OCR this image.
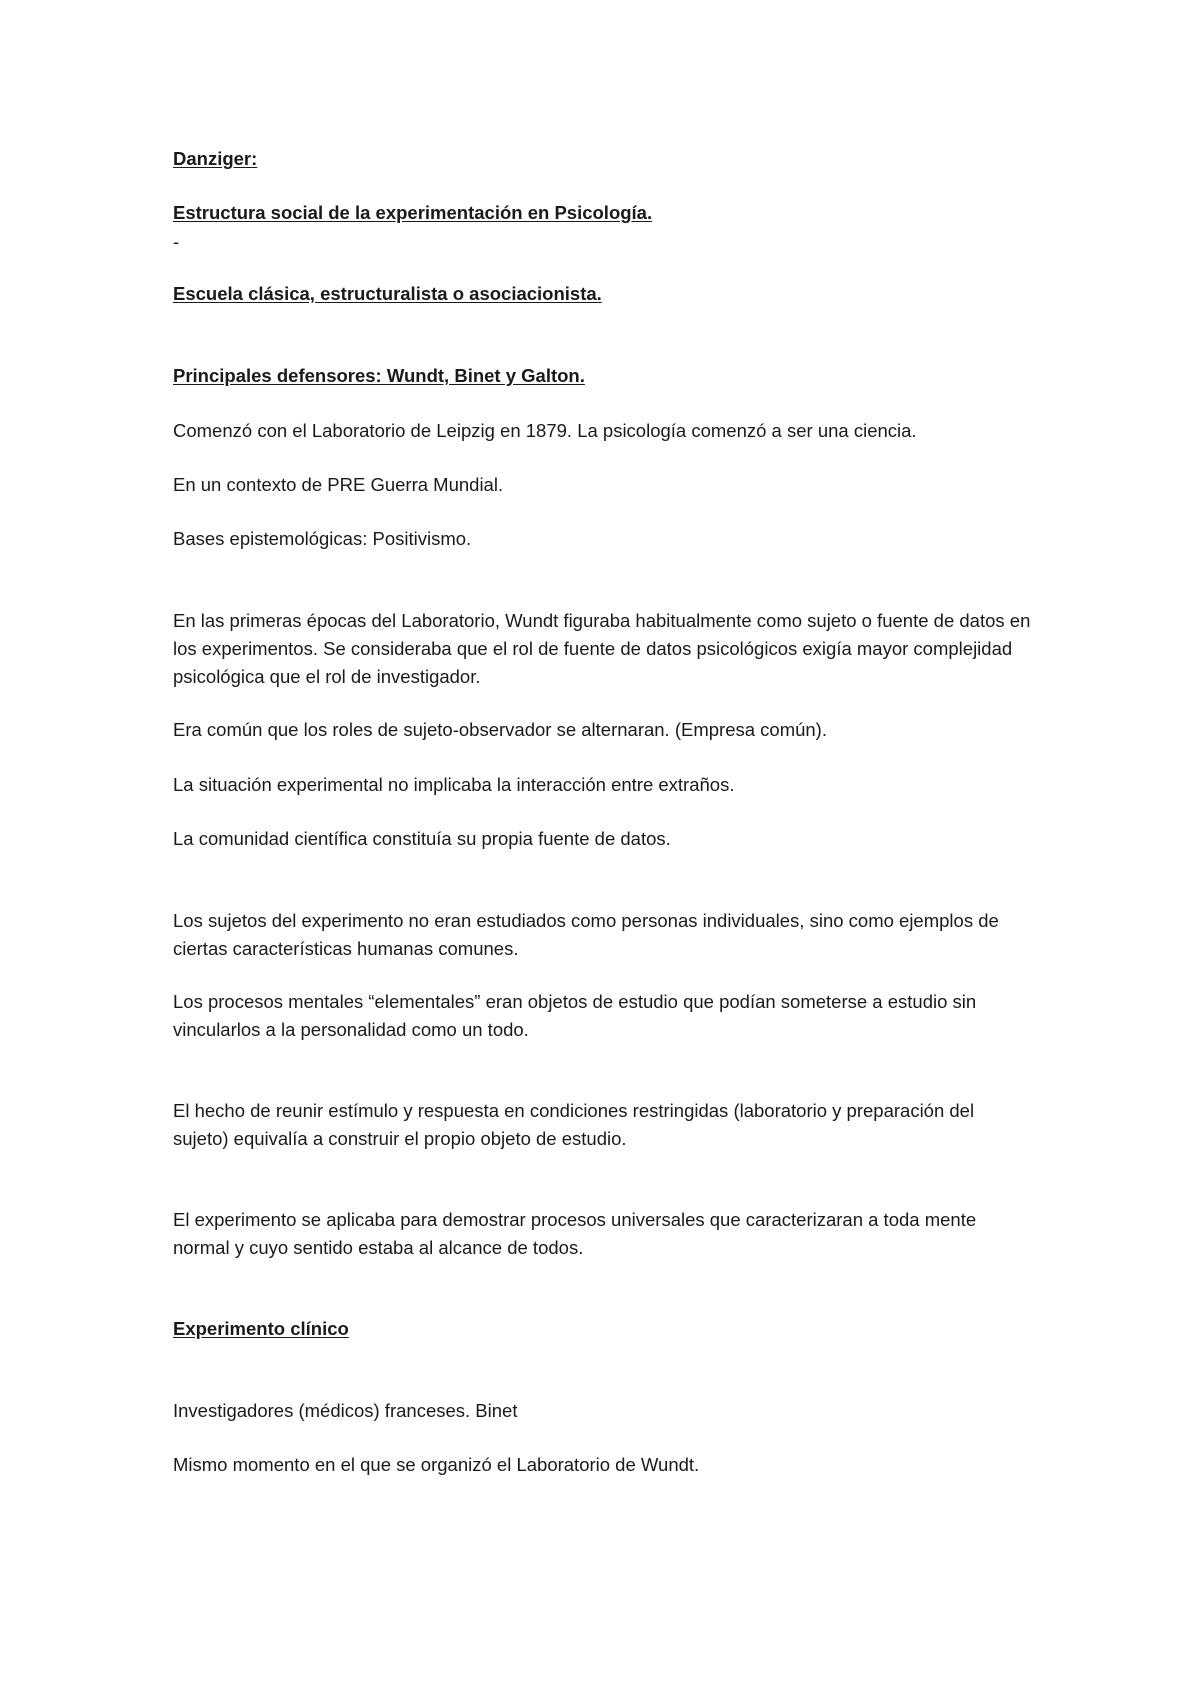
Danziger:

Estructura social de la experimentación en Psicología.

-

Escuela clásica, estructuralista o asociacionista.

Principales defensores: Wundt, Binet y Galton.

Comenzó con el Laboratorio de Leipzig en 1879. La psicología comenzó a ser una ciencia.

En un contexto de PRE Guerra Mundial.

Bases epistemológicas: Positivismo.

En las primeras épocas del Laboratorio, Wundt figuraba habitualmente como sujeto o fuente de datos en los experimentos. Se consideraba que el rol de fuente de datos psicológicos exigía mayor complejidad psicológica que el rol de investigador.

Era común que los roles de sujeto-observador se alternaran. (Empresa común).

La situación experimental no implicaba la interacción entre extraños.

La comunidad científica constituía su propia fuente de datos.

Los sujetos del experimento no eran estudiados como personas individuales, sino como ejemplos de ciertas características humanas comunes.

Los procesos mentales “elementales” eran objetos de estudio que podían someterse a estudio sin vincularlos a la personalidad como un todo.

El hecho de reunir estímulo y respuesta en condiciones restringidas (laboratorio y preparación del sujeto) equivalía a construir el propio objeto de estudio.

El experimento se aplicaba para demostrar procesos universales que caracterizaran a toda mente normal y cuyo sentido estaba al alcance de todos.

Experimento clínico

Investigadores (médicos) franceses. Binet

Mismo momento en el que se organizó el Laboratorio de Wundt.
